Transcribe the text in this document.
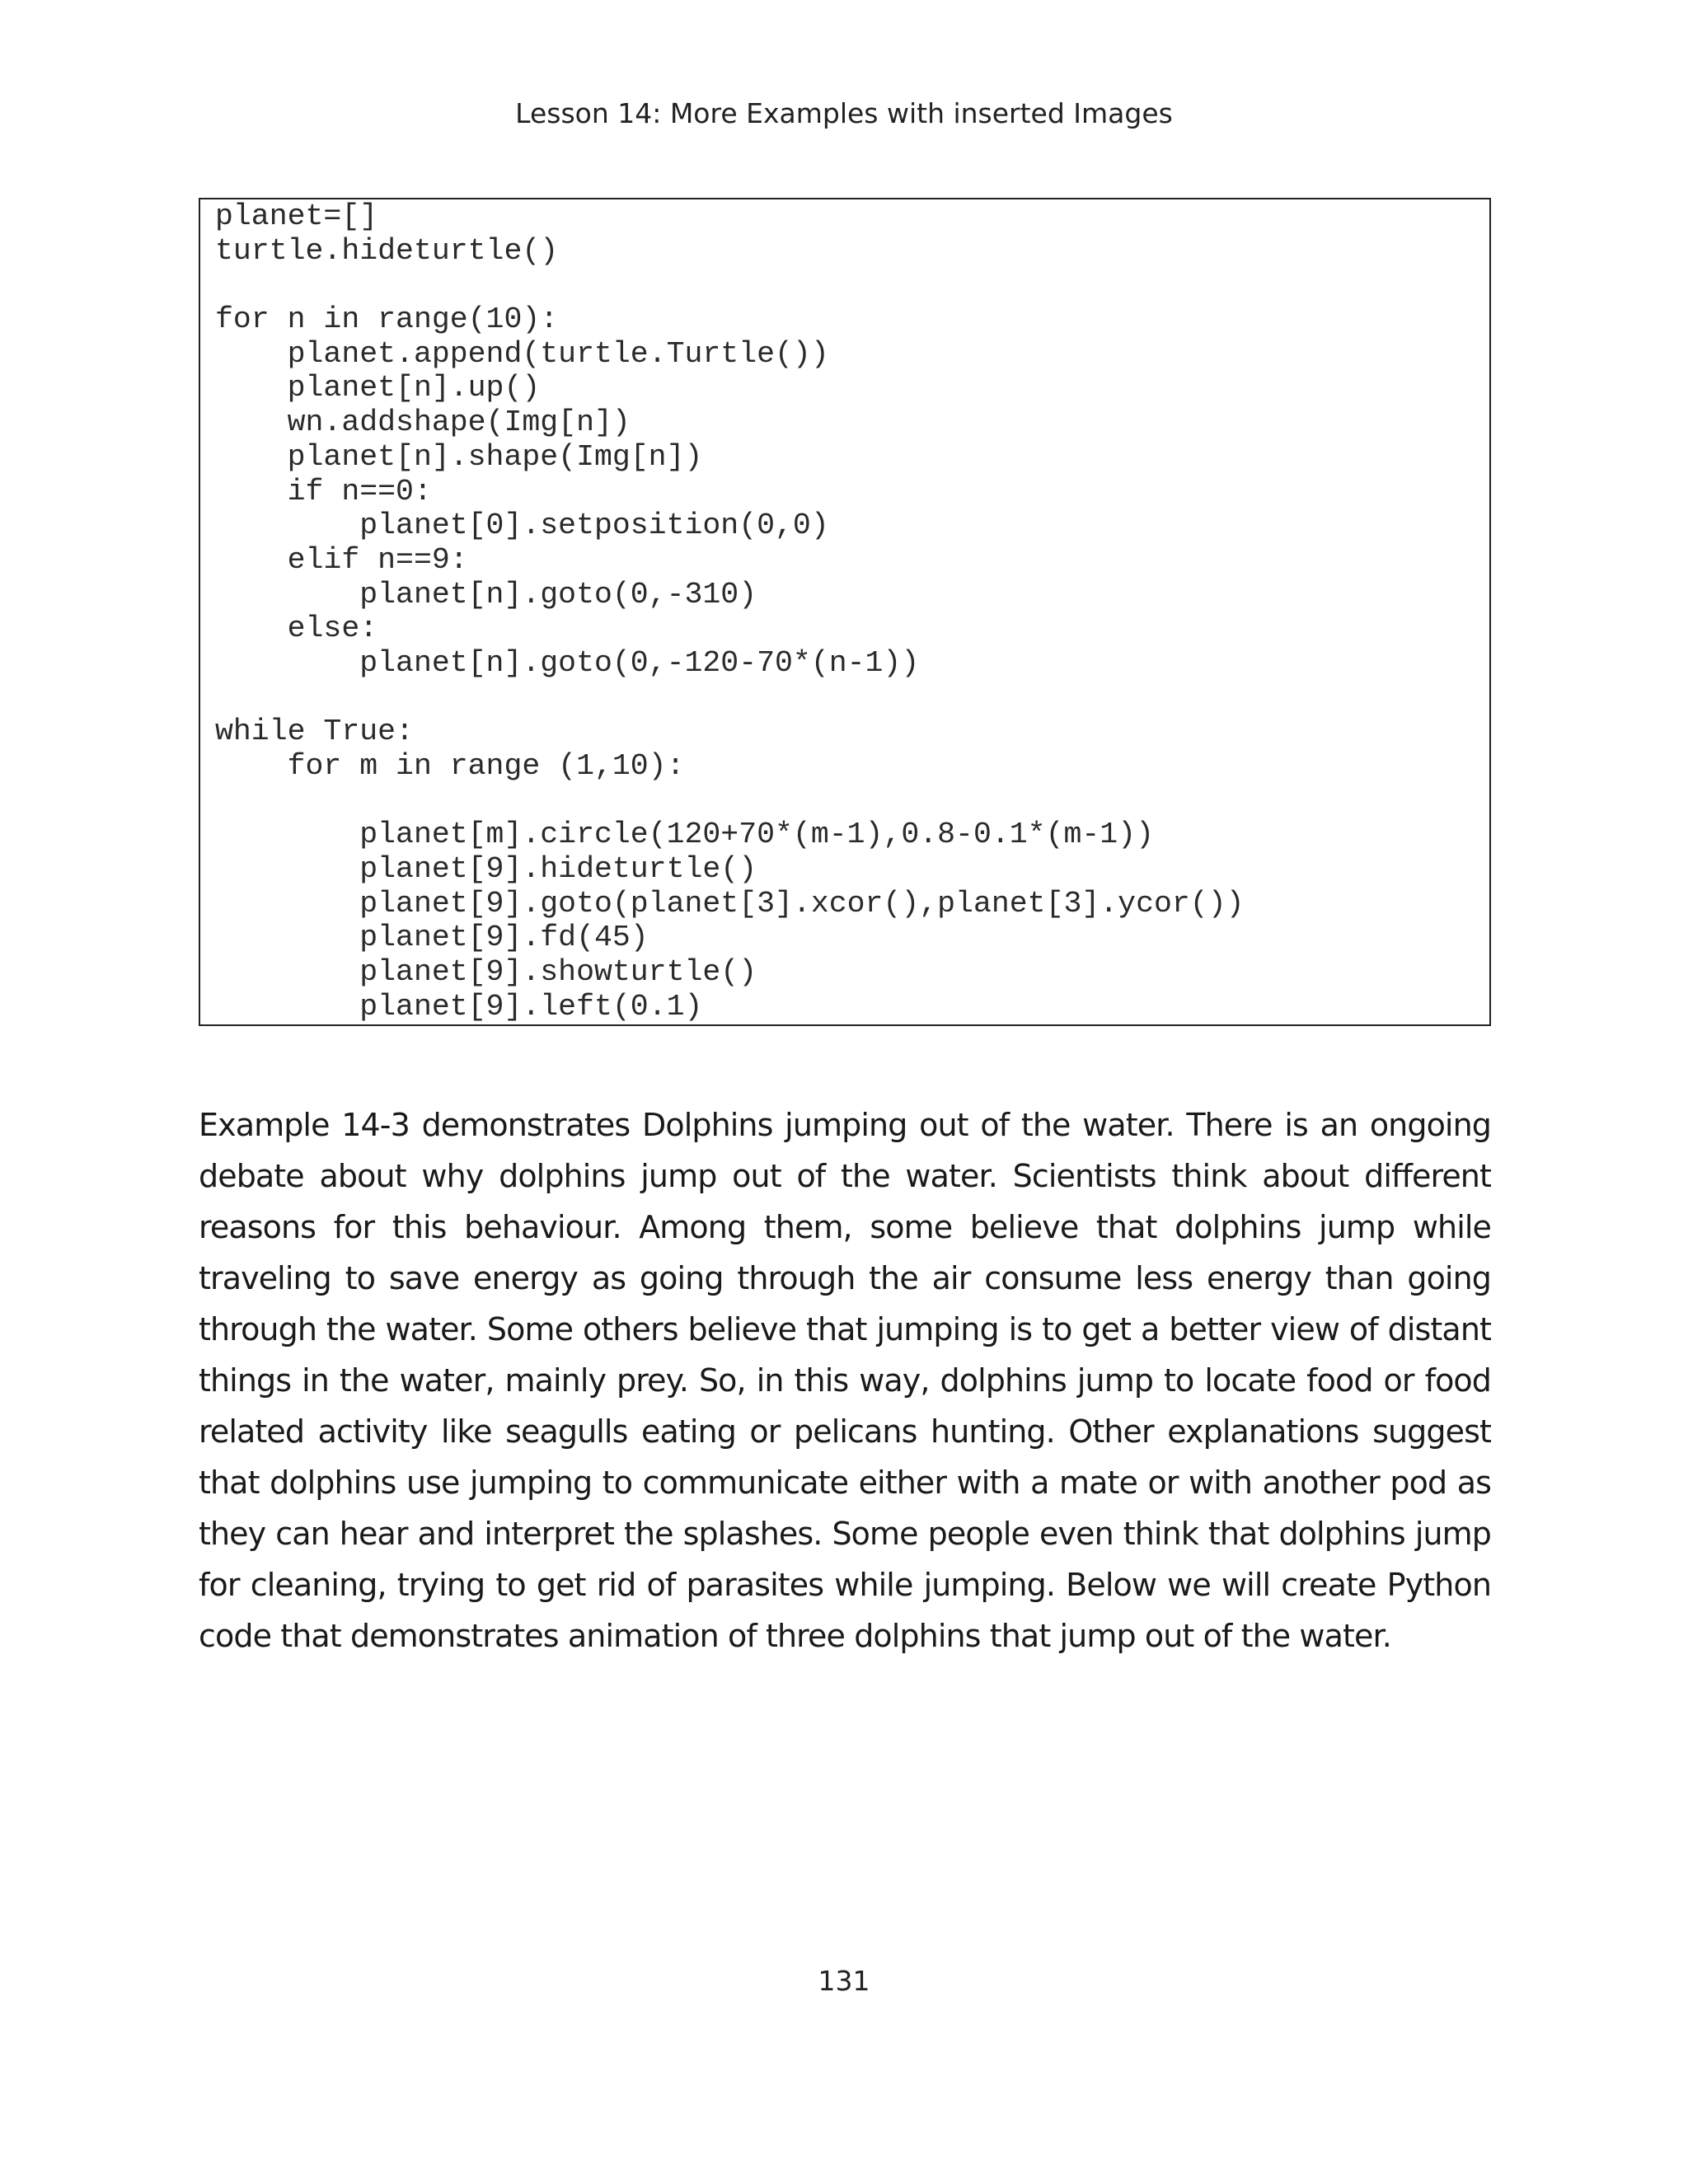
Lesson 14: More Examples with inserted Images

planet=[]
turtle.hideturtle()
for n in range(10):
planet.append(turtle.Turtle())
planet[n].up()
wn.addshape(Img[n])
planet[n].shape(Img[n])
if n==0:
planet[0].setposition(0,0)
elif n==9:
planet[n].goto(0,-310)
else:
planet[n].goto(0,-120-70*(n-1))
while True:
for m in range (1,10):
planet[m].circle(120+70*(m-1),0.8-0.1*(m-1))
planet[9].hideturtle()
planet[9].goto(planet[3].xcor(),planet[3].ycor())
planet[9].fd(45)
planet[9].showturtle()
planet[9].left(0.1)

Example 14-3 demonstrates Dolphins jumping out of the water. There is an ongoing debate about why dolphins jump out of the water. Scientists think about different reasons for this behaviour. Among them, some believe that dolphins jump while traveling to save energy as going through the air consume less energy than going through the water. Some others believe that jumping is to get a better view of distant things in the water, mainly prey. So, in this way, dolphins jump to locate food or food related activity like seagulls eating or pelicans hunting. Other explanations suggest that dolphins use jumping to communicate either with a mate or with another pod as they can hear and interpret the splashes. Some people even think that dolphins jump for cleaning, trying to get rid of parasites while jumping. Below we will create Python code that demonstrates animation of three dolphins that jump out of the water.

131
